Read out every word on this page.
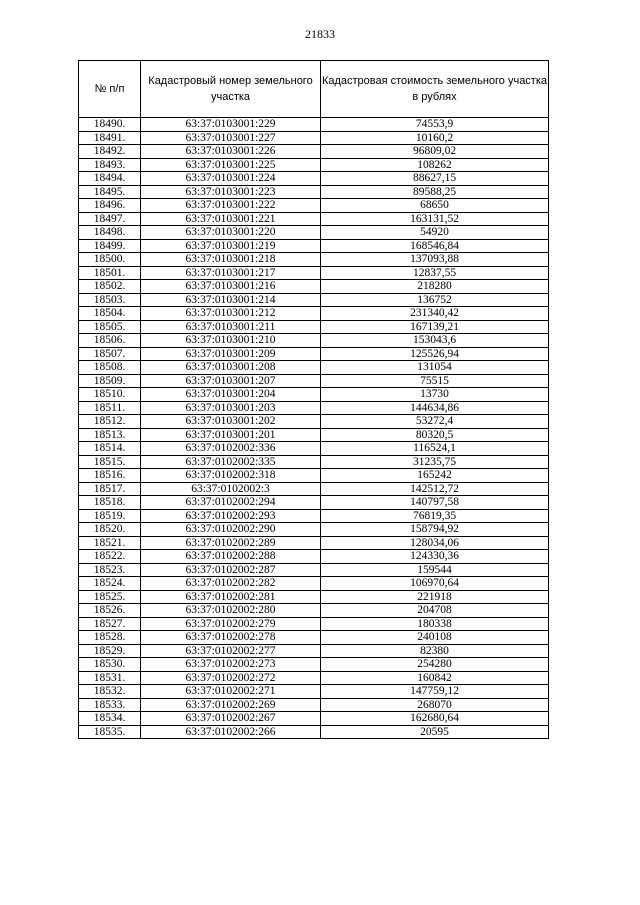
21833
№ п/п	Кадастровый номер земельного участка	Кадастровая стоимость земельного участка в рублях
18490.	63:37:0103001:229	74553,9
18491.	63:37:0103001:227	10160,2
18492.	63:37:0103001:226	96809,02
18493.	63:37:0103001:225	108262
18494.	63:37:0103001:224	88627,15
18495.	63:37:0103001:223	89588,25
18496.	63:37:0103001:222	68650
18497.	63:37:0103001:221	163131,52
18498.	63:37:0103001:220	54920
18499.	63:37:0103001:219	168546,84
18500.	63:37:0103001:218	137093,88
18501.	63:37:0103001:217	12837,55
18502.	63:37:0103001:216	218280
18503.	63:37:0103001:214	136752
18504.	63:37:0103001:212	231340,42
18505.	63:37:0103001:211	167139,21
18506.	63:37:0103001:210	153043,6
18507.	63:37:0103001:209	125526,94
18508.	63:37:0103001:208	131054
18509.	63:37:0103001:207	75515
18510.	63:37:0103001:204	13730
18511.	63:37:0103001:203	144634,86
18512.	63:37:0103001:202	53272,4
18513.	63:37:0103001:201	80320,5
18514.	63:37:0102002:336	116524,1
18515.	63:37:0102002:335	31235,75
18516.	63:37:0102002:318	165242
18517.	63:37:0102002:3	142512,72
18518.	63:37:0102002:294	140797,58
18519.	63:37:0102002:293	76819,35
18520.	63:37:0102002:290	158794,92
18521.	63:37:0102002:289	128034,06
18522.	63:37:0102002:288	124330,36
18523.	63:37:0102002:287	159544
18524.	63:37:0102002:282	106970,64
18525.	63:37:0102002:281	221918
18526.	63:37:0102002:280	204708
18527.	63:37:0102002:279	180338
18528.	63:37:0102002:278	240108
18529.	63:37:0102002:277	82380
18530.	63:37:0102002:273	254280
18531.	63:37:0102002:272	160842
18532.	63:37:0102002:271	147759,12
18533.	63:37:0102002:269	268070
18534.	63:37:0102002:267	162680,64
18535.	63:37:0102002:266	20595
